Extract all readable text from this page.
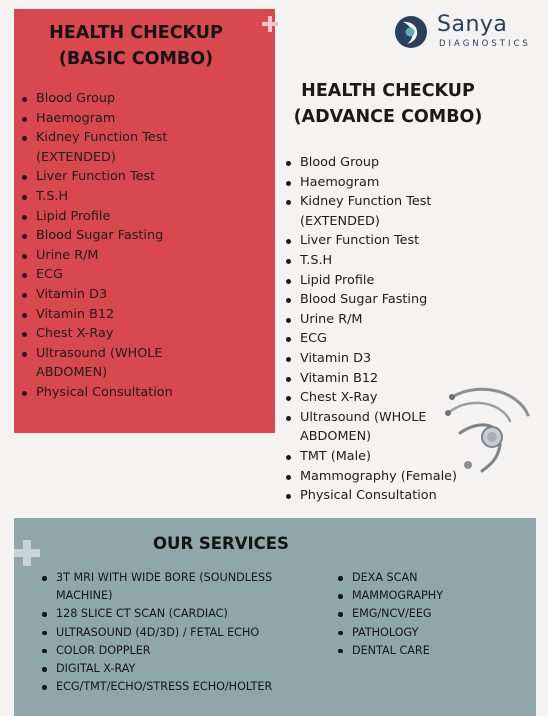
HEALTH CHECKUP
(BASIC COMBO)
Blood Group
Haemogram
Kidney Function Test
(EXTENDED)
Liver Function Test
T.S.H
Lipid Profile
Blood Sugar Fasting
Urine R/M
ECG
Vitamin D3
Vitamin B12
Chest X-Ray
Ultrasound (WHOLE
ABDOMEN)
Physical Consultation
Sanya
DIAGNOSTICS
HEALTH CHECKUP
(ADVANCE COMBO)
Blood Group
Haemogram
Kidney Function Test
(EXTENDED)
Liver Function Test
T.S.H
Lipid Profile
Blood Sugar Fasting
Urine R/M
ECG
Vitamin D3
Vitamin B12
Chest X-Ray
Ultrasound (WHOLE
ABDOMEN)
TMT (Male)
Mammography (Female)
Physical Consultation
OUR SERVICES
3T MRI WITH WIDE BORE (SOUNDLESS
MACHINE)
128 SLICE CT SCAN (CARDIAC)
ULTRASOUND (4D/3D) / FETAL ECHO
COLOR DOPPLER
DIGITAL X-RAY
ECG/TMT/ECHO/STRESS ECHO/HOLTER
DEXA SCAN
MAMMOGRAPHY
EMG/NCV/EEG
PATHOLOGY
DENTAL CARE
